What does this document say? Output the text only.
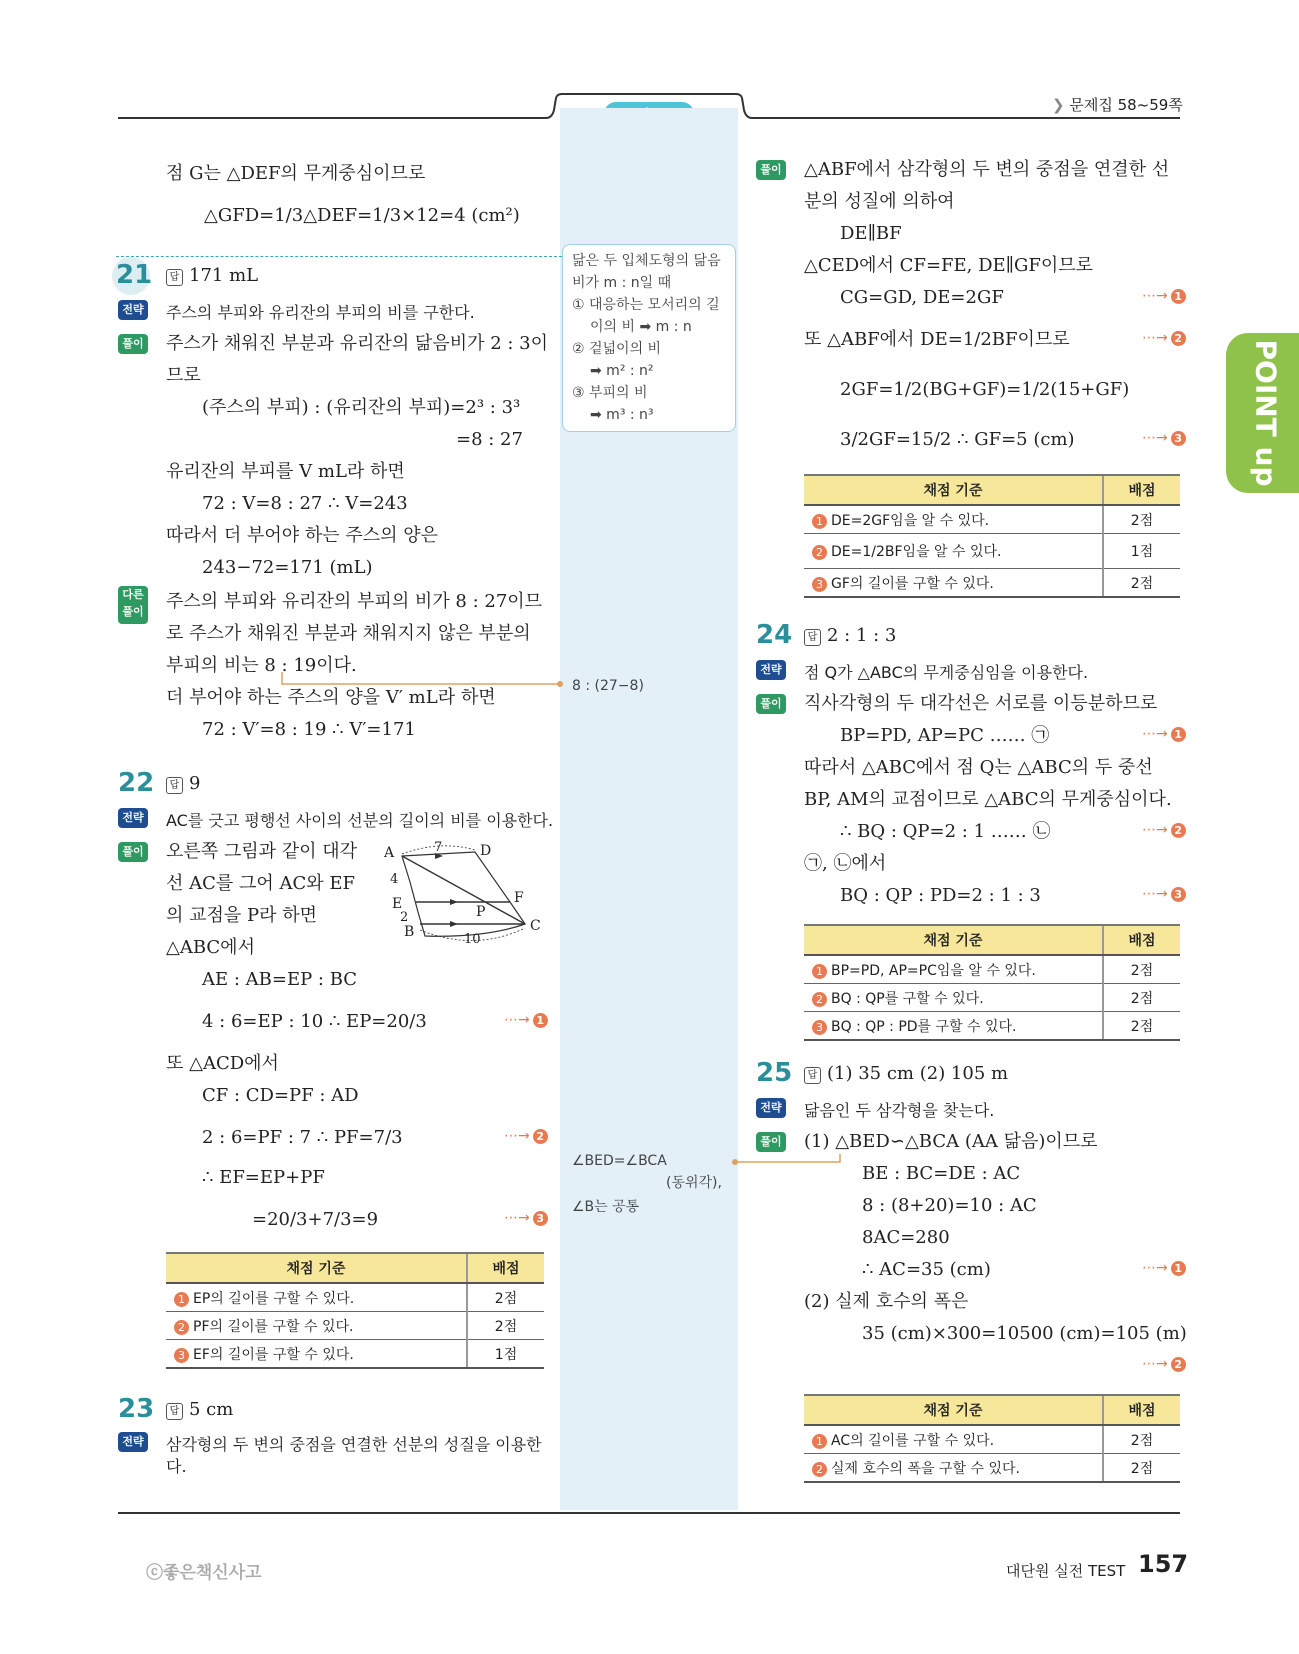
❯ 문제집 58~59쪽
POINT up
점 G는 △DEF의 무게중심이므로
△GFD=1/3△DEF=1/3×12=4 (cm²)
21	답 171 mL
전략 주스의 부피와 유리잔의 부피의 비를 구한다.
풀이 주스가 채워진 부분과 유리잔의 닮음비가 2 : 3이
므로
(주스의 부피) : (유리잔의 부피)=2³ : 3³
=8 : 27
유리잔의 부피를 V mL라 하면
72 : V=8 : 27 ∴ V=243
따라서 더 부어야 하는 주스의 양은
243−72=171 (mL)
다른 풀이 주스의 부피와 유리잔의 부피의 비가 8 : 27이므
로 주스가 채워진 부분과 채워지지 않은 부분의
부피의 비는 8 : 19이다.
더 부어야 하는 주스의 양을 V′ mL라 하면
72 : V′=8 : 19 ∴ V′=171
22	답 9
전략 AC를 긋고 평행선 사이의 선분의 길이의 비를 이용한다.
풀이 오른쪽 그림과 같이 대각
선 AC를 그어 AC와 EF
의 교점을 P라 하면
△ABC에서
AE : AB=EP : BC
4 : 6=EP : 10 ∴ EP=20/3	⋯→ 1
또 △ACD에서
CF : CD=PF : AD
2 : 6=PF : 7 ∴ PF=7/3	⋯→ 2
∴ EF=EP+PF
=20/3+7/3=9	⋯→ 3
A	D
E	P
F
B	C
7
4
2
10
채점 기준	배점
1 EP의 길이를 구할 수 있다.	2점
2 PF의 길이를 구할 수 있다.	2점
3 EF의 길이를 구할 수 있다.	1점
23	답 5 cm
전략 삼각형의 두 변의 중점을 연결한 선분의 성질을 이용한
다.
닮은 두 입체도형의 닮음
비가 m : n일 때
① 대응하는 모서리의 길
이의 비 ➡ m : n
② 겉넓이의 비
➡ m² : n²
③ 부피의 비
➡ m³ : n³
8 : (27−8)
∠BED=∠BCA
(동위각),
∠B는 공통
풀이 △ABF에서 삼각형의 두 변의 중점을 연결한 선
분의 성질에 의하여
DE∥BF
△CED에서 CF=FE, DE∥GF이므로
CG=GD, DE=2GF	⋯→ 1
또 △ABF에서 DE=1/2BF이므로	⋯→ 2
2GF=1/2(BG+GF)=1/2(15+GF)
3/2GF=15/2 ∴ GF=5 (cm)	⋯→ 3
채점 기준	배점
1 DE=2GF임을 알 수 있다.	2점
2 DE=1/2BF임을 알 수 있다.	1점
3 GF의 길이를 구할 수 있다.	2점
24	답 2 : 1 : 3
전략 점 Q가 △ABC의 무게중심임을 이용한다.
풀이 직사각형의 두 대각선은 서로를 이등분하므로
BP=PD, AP=PC …… ㉠	⋯→ 1
따라서 △ABC에서 점 Q는 △ABC의 두 중선
BP, AM의 교점이므로 △ABC의 무게중심이다.
∴ BQ : QP=2 : 1 …… ㉡	⋯→ 2
㉠, ㉡에서
BQ : QP : PD=2 : 1 : 3	⋯→ 3
채점 기준	배점
1 BP=PD, AP=PC임을 알 수 있다.	2점
2 BQ : QP를 구할 수 있다.	2점
3 BQ : QP : PD를 구할 수 있다.	2점
25	답 (1) 35 cm (2) 105 m
전략 닮음인 두 삼각형을 찾는다.
풀이 (1) △BED∽△BCA (AA 닮음)이므로
BE : BC=DE : AC
8 : (8+20)=10 : AC
8AC=280
∴ AC=35 (cm)	⋯→ 1
(2) 실제 호수의 폭은
35 (cm)×300=10500 (cm)=105 (m)
⋯→ 2
채점 기준	배점
1 AC의 길이를 구할 수 있다.	2점
2 실제 호수의 폭을 구할 수 있다.	2점
ⓒ좋은책신사고	대단원 실전 TEST 157
